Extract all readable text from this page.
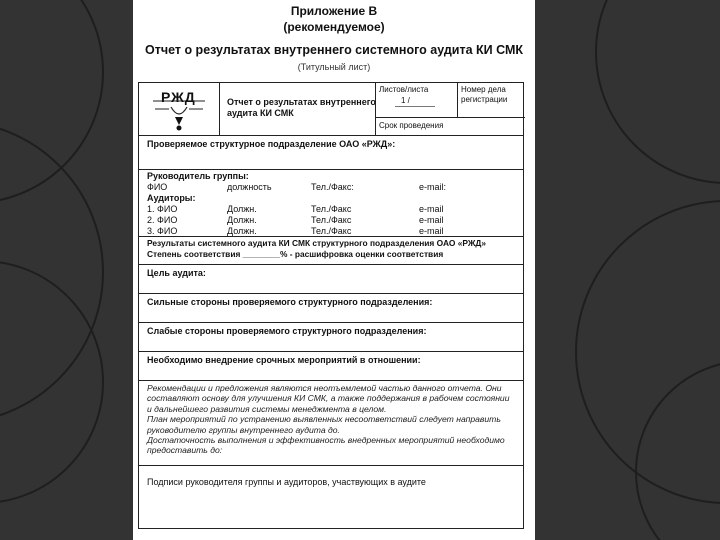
Приложение В
(рекомендуемое)
Отчет о результатах внутреннего системного аудита КИ СМК
(Титульный лист)
РЖД	Отчет о результатах внутреннего
аудита КИ СМК
Листов/листа
1 /
Номер дела
регистрации
Срок проведения
Проверяемое структурное подразделение ОАО «РЖД»:
Руководитель группы:
ФИО	должность	Тел./Факс:	e-mail:
Аудиторы:
1. ФИО	Должн.	Тел./Факс	e-mail
2. ФИО	Должн.	Тел./Факс	e-mail
3. ФИО	Должн.	Тел./Факс	e-mail
Результаты системного аудита КИ СМК структурного подразделения ОАО «РЖД»
Степень соответствия ________% - расшифровка оценки соответствия
Цель аудита:
Сильные стороны проверяемого структурного подразделения:
Слабые стороны проверяемого структурного подразделения:
Необходимо внедрение срочных мероприятий в отношении:
Рекомендации и предложения являются неотъемлемой частью данного отчета. Они
составляют основу для улучшения КИ СМК, а также поддержания в рабочем состоянии
и дальнейшего развития системы менеджмента в целом.
План мероприятий по устранению выявленных несоответствий следует направить
руководителю группы внутреннего аудита до.
Достаточность выполнения и эффективность внедренных мероприятий необходимо
предоставить до:
Подписи руководителя группы и аудиторов, участвующих в аудите
